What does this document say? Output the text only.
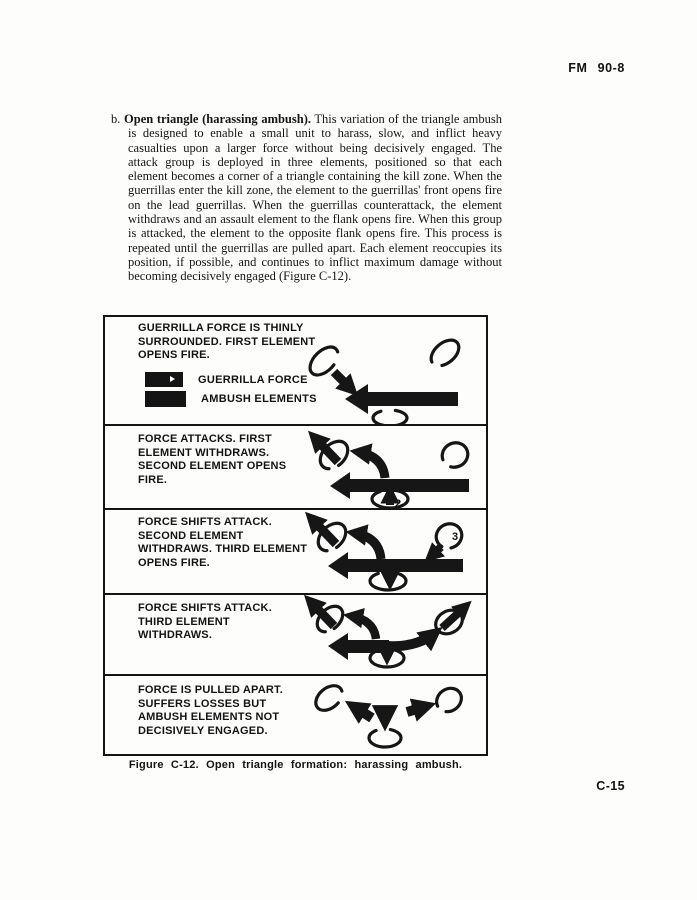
FM 90-8
b. Open triangle (harassing ambush). This variation of the triangle ambush is designed to enable a small unit to harass, slow, and inflict heavy casualties upon a larger force without being decisively engaged. The attack group is deployed in three elements, positioned so that each element becomes a corner of a triangle containing the kill zone. When the guerrillas enter the kill zone, the element to the guerrillas' front opens fire on the lead guerrillas. When the guerrillas counterattack, the element withdraws and an assault element to the flank opens fire. When this group is attacked, the element to the opposite flank opens fire. This process is repeated until the guerrillas are pulled apart. Each element reoccupies its position, if possible, and continues to inflict maximum damage without becoming decisively engaged (Figure C-12).
GUERRILLA FORCE IS THINLY
SURROUNDED. FIRST ELEMENT
OPENS FIRE.
GUERRILLA FORCE
AMBUSH ELEMENTS
FORCE ATTACKS. FIRST
ELEMENT WITHDRAWS.
SECOND ELEMENT OPENS
FIRE.
2
FORCE SHIFTS ATTACK.
SECOND ELEMENT
WITHDRAWS. THIRD ELEMENT
OPENS FIRE.
3
FORCE SHIFTS ATTACK.
THIRD ELEMENT
WITHDRAWS.
FORCE IS PULLED APART.
SUFFERS LOSSES BUT
AMBUSH ELEMENTS NOT
DECISIVELY ENGAGED.
Figure C-12. Open triangle formation: harassing ambush.
C-15
